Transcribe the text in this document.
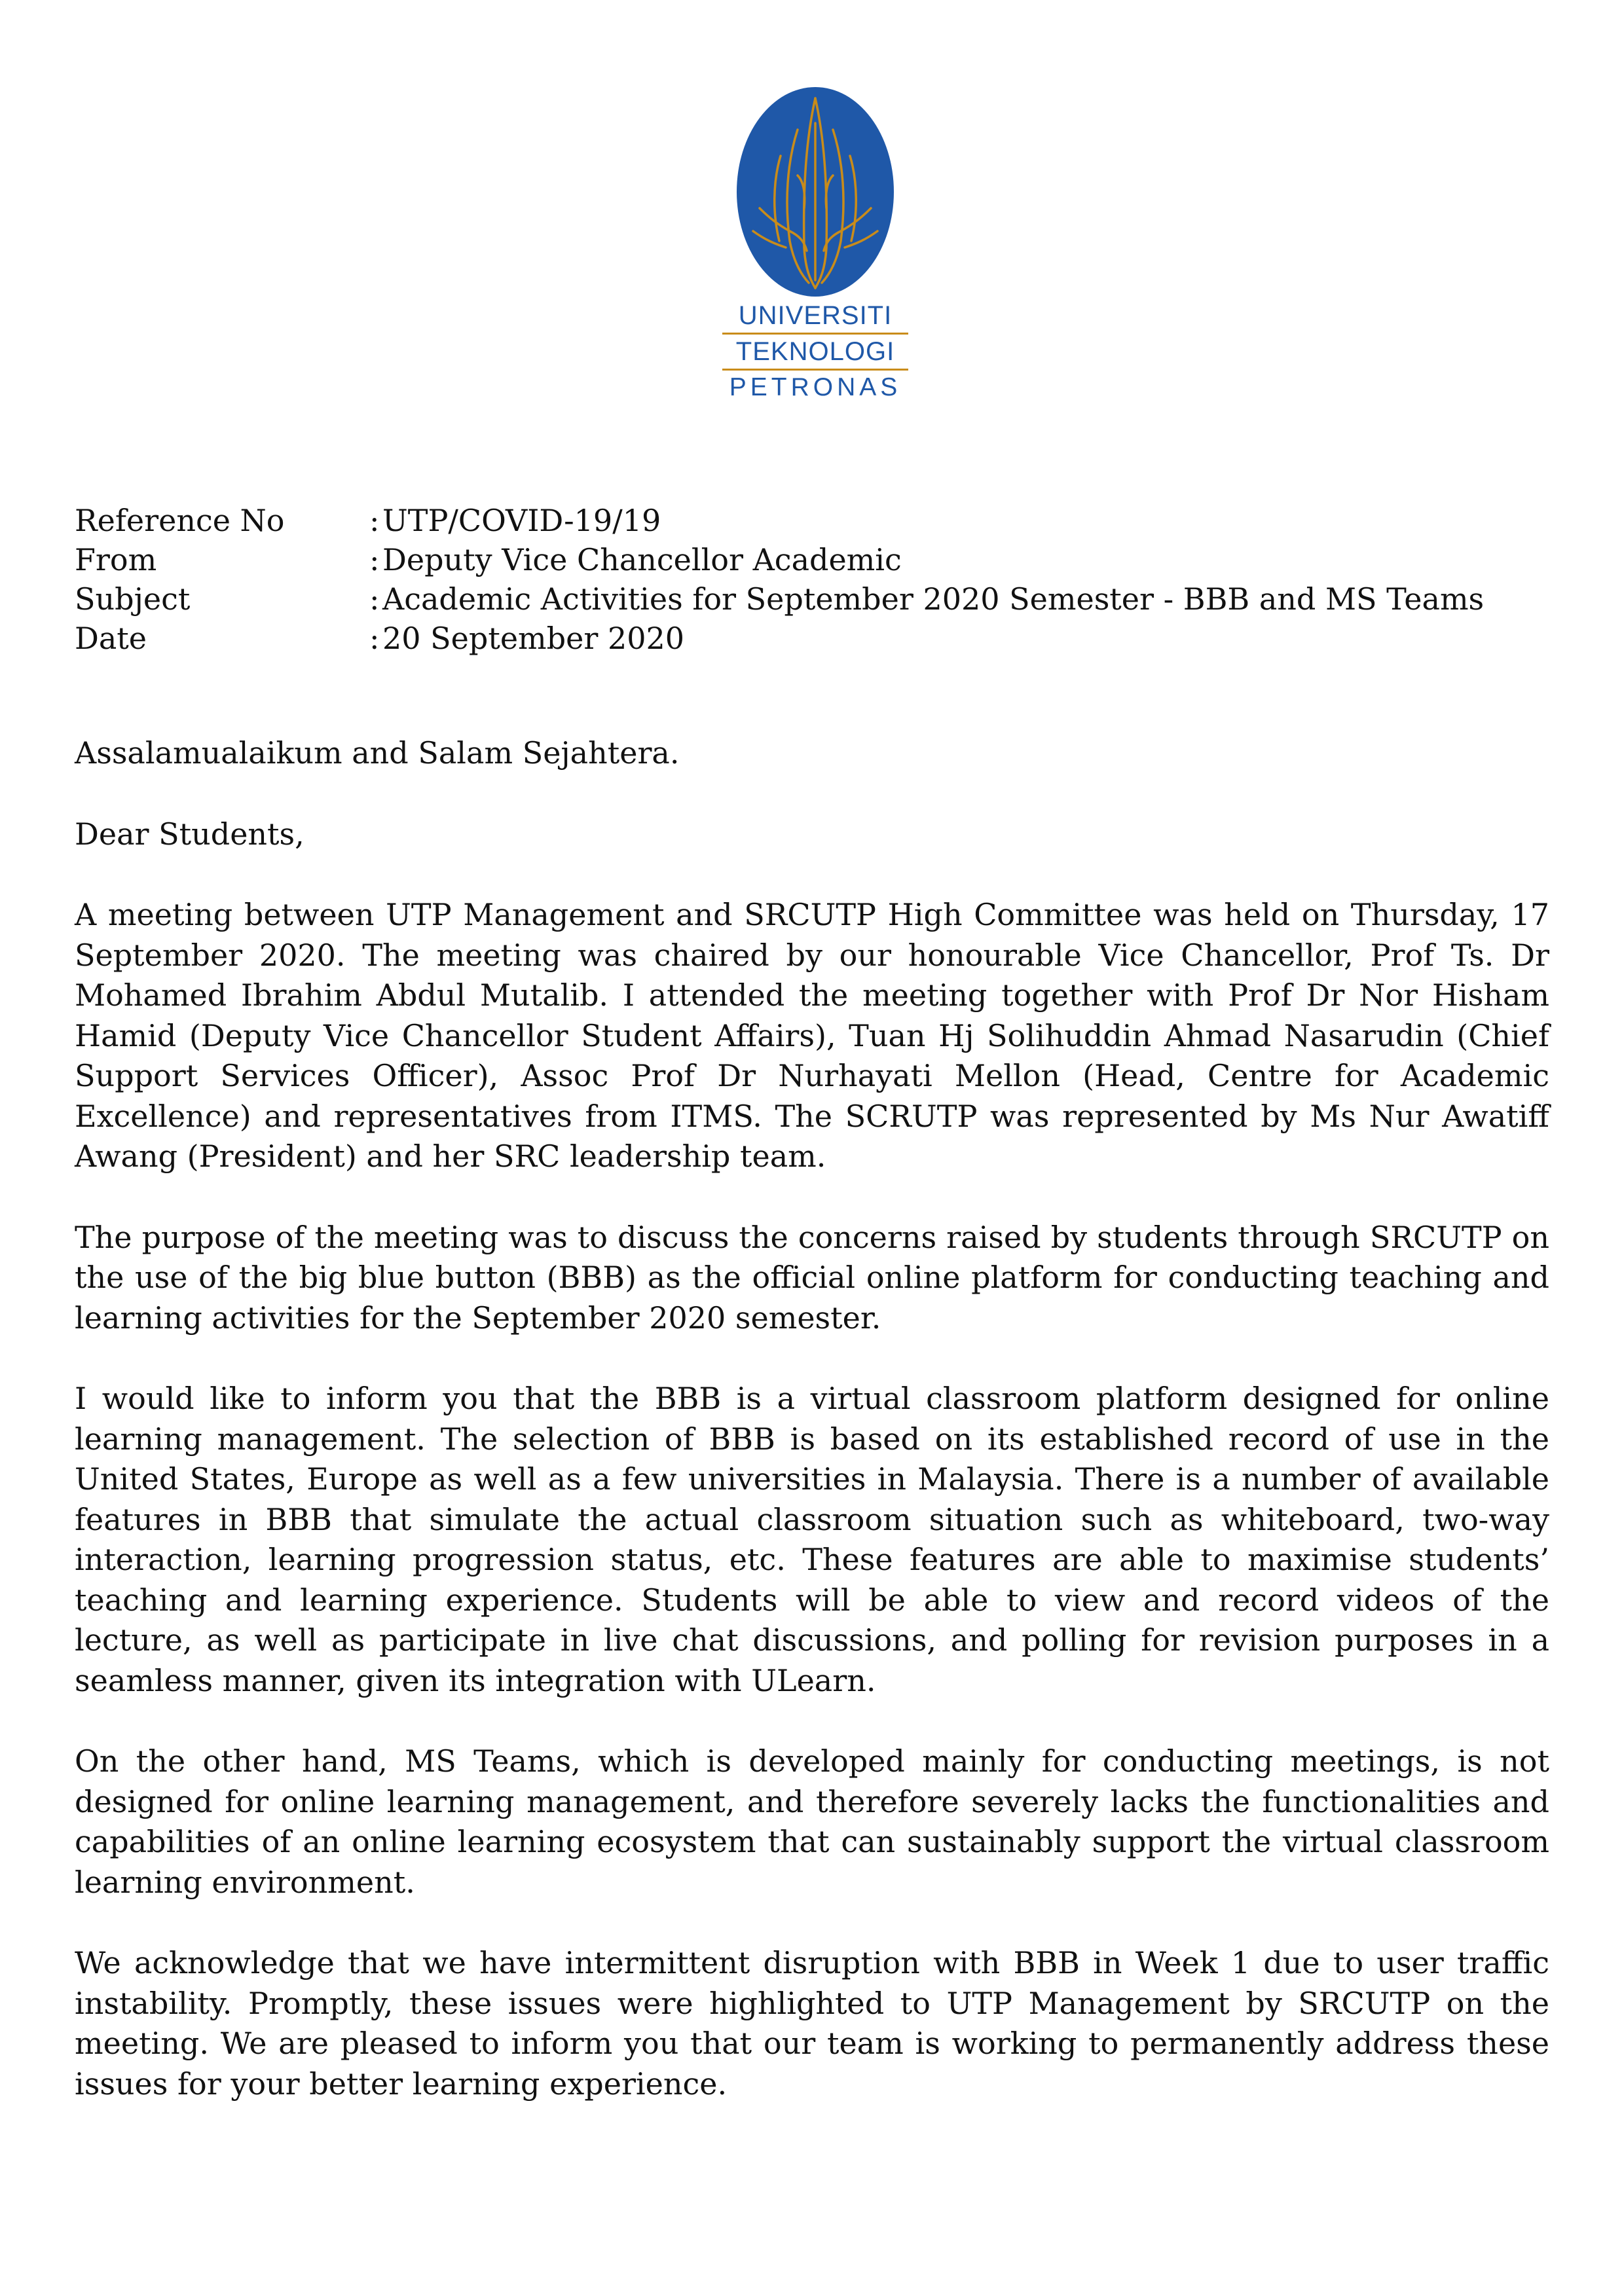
UNIVERSITI
TEKNOLOGI
PETRONAS
Reference No	: UTP/COVID-19/19
From	: Deputy Vice Chancellor Academic
Subject	: Academic Activities for September 2020 Semester - BBB and MS Teams
Date	: 20 September 2020

Assalamualaikum and Salam Sejahtera.

Dear Students,

A meeting between UTP Management and SRCUTP High Committee was held on Thursday, 17 September 2020. The meeting was chaired by our honourable Vice Chancellor, Prof Ts. Dr Mohamed Ibrahim Abdul Mutalib. I attended the meeting together with Prof Dr Nor Hisham Hamid (Deputy Vice Chancellor Student Affairs), Tuan Hj Solihuddin Ahmad Nasarudin (Chief Support Services Officer), Assoc Prof Dr Nurhayati Mellon (Head, Centre for Academic Excellence) and representatives from ITMS. The SCRUTP was represented by Ms Nur Awatiff Awang (President) and her SRC leadership team.

The purpose of the meeting was to discuss the concerns raised by students through SRCUTP on the use of the big blue button (BBB) as the official online platform for conducting teaching and learning activities for the September 2020 semester.

I would like to inform you that the BBB is a virtual classroom platform designed for online learning management. The selection of BBB is based on its established record of use in the United States, Europe as well as a few universities in Malaysia. There is a number of available features in BBB that simulate the actual classroom situation such as whiteboard, two-way interaction, learning progression status, etc. These features are able to maximise students’ teaching and learning experience. Students will be able to view and record videos of the lecture, as well as participate in live chat discussions, and polling for revision purposes in a seamless manner, given its integration with ULearn.

On the other hand, MS Teams, which is developed mainly for conducting meetings, is not designed for online learning management, and therefore severely lacks the functionalities and capabilities of an online learning ecosystem that can sustainably support the virtual classroom learning environment.

We acknowledge that we have intermittent disruption with BBB in Week 1 due to user traffic instability. Promptly, these issues were highlighted to UTP Management by SRCUTP on the meeting. We are pleased to inform you that our team is working to permanently address these issues for your better learning experience.
